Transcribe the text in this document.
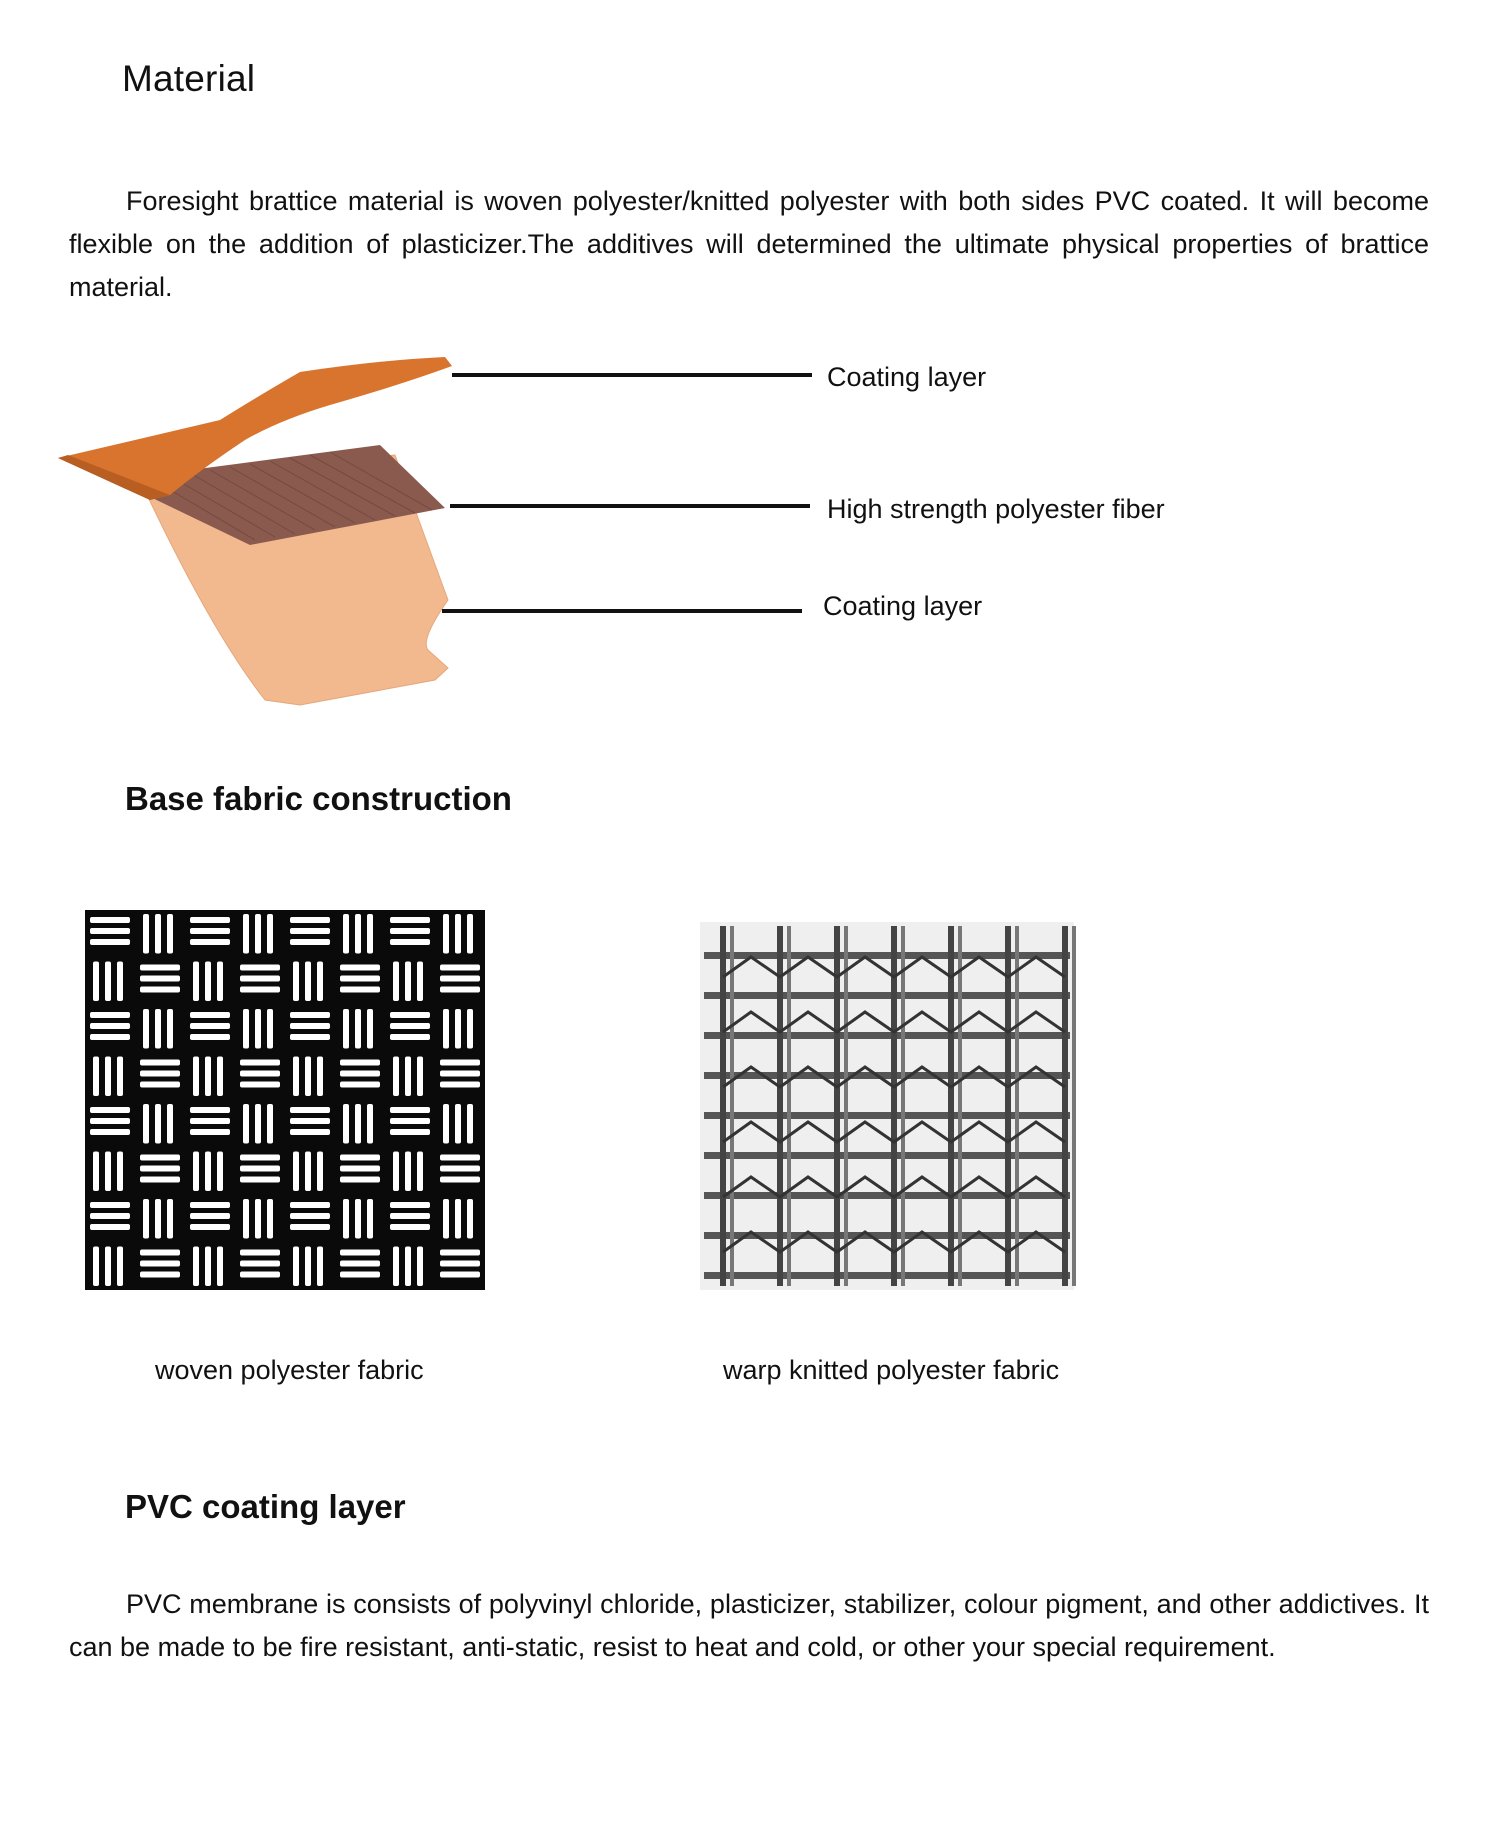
Material

Foresight brattice material is woven polyester/knitted polyester with both sides PVC coated. It will become flexible on the addition of plasticizer.The additives will determined the ultimate physical properties of brattice material.

Coating layer
High strength polyester fiber
Coating layer
Base fabric construction
woven polyester fabric	warp knitted polyester fabric
PVC coating layer

PVC membrane is consists of polyvinyl chloride, plasticizer, stabilizer, colour pigment, and other addictives. It can be made to be fire resistant, anti-static, resist to heat and cold, or other your special requirement.
